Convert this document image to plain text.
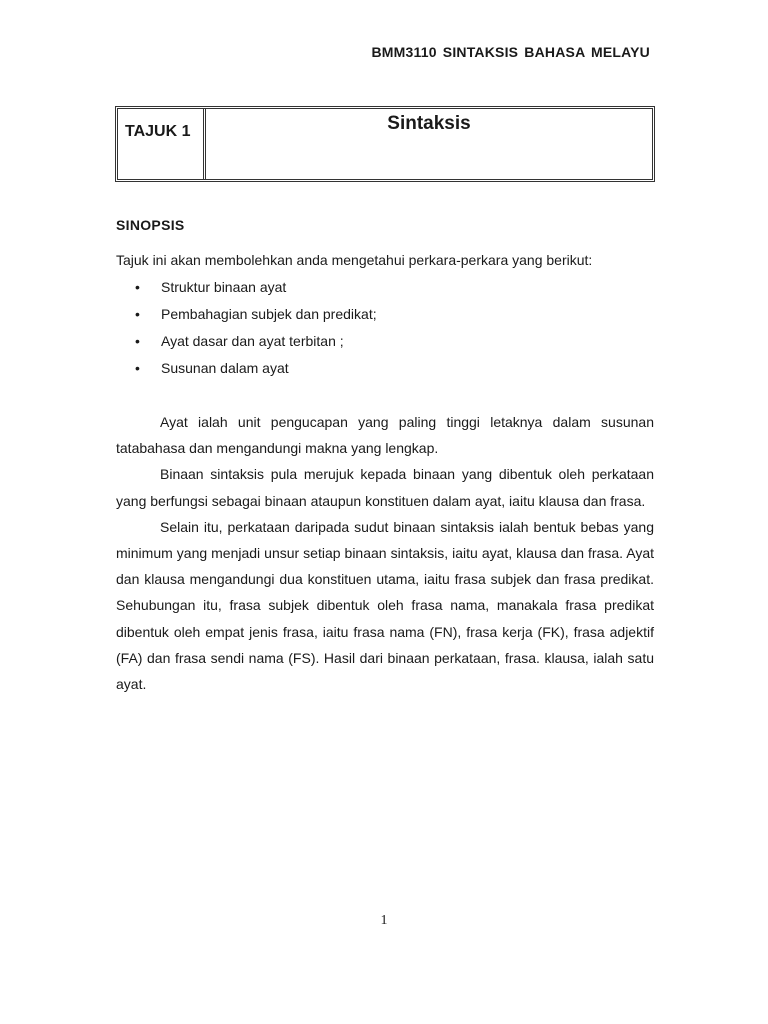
BMM3110 SINTAKSIS BAHASA MELAYU
TAJUK 1	Sintaksis
SINOPSIS
Tajuk ini akan membolehkan anda mengetahui perkara-perkara yang berikut:
• Struktur binaan ayat
• Pembahagian subjek dan predikat;
• Ayat dasar dan ayat terbitan ;
• Susunan dalam ayat

Ayat ialah unit pengucapan yang paling tinggi letaknya dalam susunan tatabahasa dan mengandungi makna yang lengkap.

Binaan sintaksis pula merujuk kepada binaan yang dibentuk oleh perkataan yang berfungsi sebagai binaan ataupun konstituen dalam ayat, iaitu klausa dan frasa.

Selain itu, perkataan daripada sudut binaan sintaksis ialah bentuk bebas yang minimum yang menjadi unsur setiap binaan sintaksis, iaitu ayat, klausa dan frasa. Ayat dan klausa mengandungi dua konstituen utama, iaitu frasa subjek dan frasa predikat. Sehubungan itu, frasa subjek dibentuk oleh frasa nama, manakala frasa predikat dibentuk oleh empat jenis frasa, iaitu frasa nama (FN), frasa kerja (FK), frasa adjektif (FA) dan frasa sendi nama (FS). Hasil dari binaan perkataan, frasa. klausa, ialah satu ayat.

1
